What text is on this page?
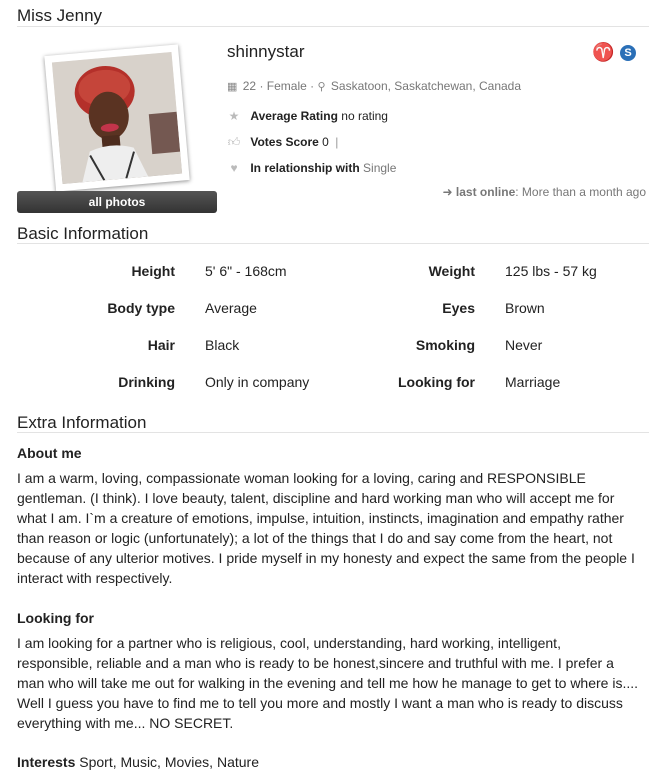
Miss Jenny
all photos
shinnystar	♈ S
▦ 22 · Female · ⚲ Saskatoon, Saskatchewan, Canada
★ Average Rating no rating
👍︎ Votes Score 0 |
♥ In relationship with Single
➜ last online: More than a month ago
Basic Information
Height 5' 6" - 168cm	Weight 125 lbs - 57 kg
Body type Average	Eyes Brown
Hair Black	Smoking Never
Drinking Only in company	Looking for Marriage
Extra Information
About me

I am a warm, loving, compassionate woman looking for a loving, caring and RESPONSIBLE
gentleman. (I think). I love beauty, talent, discipline and hard working man who will accept me for
what I am. I`m a creature of emotions, impulse, intuition, instincts, imagination and empathy rather
than reason or logic (unfortunately); a lot of the things that I do and say come from the heart, not
because of any ulterior motives. I pride myself in my honesty and expect the same from the people I
interact with respectively.

Looking for

I am looking for a partner who is religious, cool, understanding, hard working, intelligent,
responsible, reliable and a man who is ready to be honest,sincere and truthful with me. I prefer a
man who will take me out for walking in the evening and tell me how he manage to get to where is....
Well I guess you have to find me to tell you more and mostly I want a man who is ready to discuss
everything with me... NO SECRET.

Interests Sport, Music, Movies, Nature
